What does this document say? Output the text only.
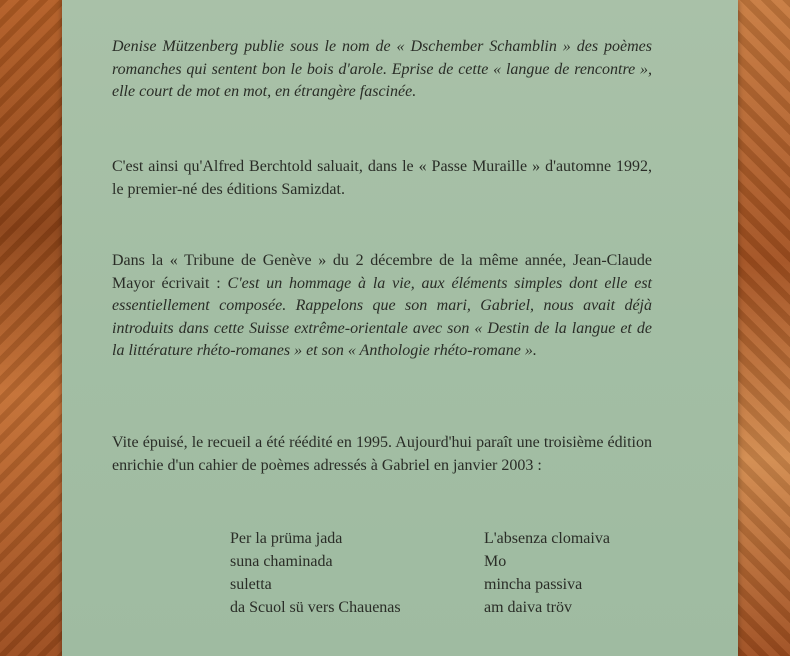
Denise Mützenberg publie sous le nom de « Dschember Schamblin » des poèmes romanches qui sentent bon le bois d'arole. Eprise de cette « langue de rencontre », elle court de mot en mot, en étrangère fascinée.
C'est ainsi qu'Alfred Berchtold saluait, dans le « Passe Muraille » d'automne 1992, le premier-né des éditions Samizdat.
Dans la « Tribune de Genève » du 2 décembre de la même année, Jean-Claude Mayor écrivait : C'est un hommage à la vie, aux éléments simples dont elle est essentiellement composée. Rappelons que son mari, Gabriel, nous avait déjà introduits dans cette Suisse extrême-orientale avec son « Destin de la langue et de la littérature rhéto-romanes » et son « Anthologie rhéto-romane ».
Vite épuisé, le recueil a été réédité en 1995. Aujourd'hui paraît une troisième édition enrichie d'un cahier de poèmes adressés à Gabriel en janvier 2003 :
Per la prüma jada
suna chaminada
suletta
da Scuol sü vers Chauenas
L'absenza clomaiva
Mo
mincha passiva
am daiva tröv
